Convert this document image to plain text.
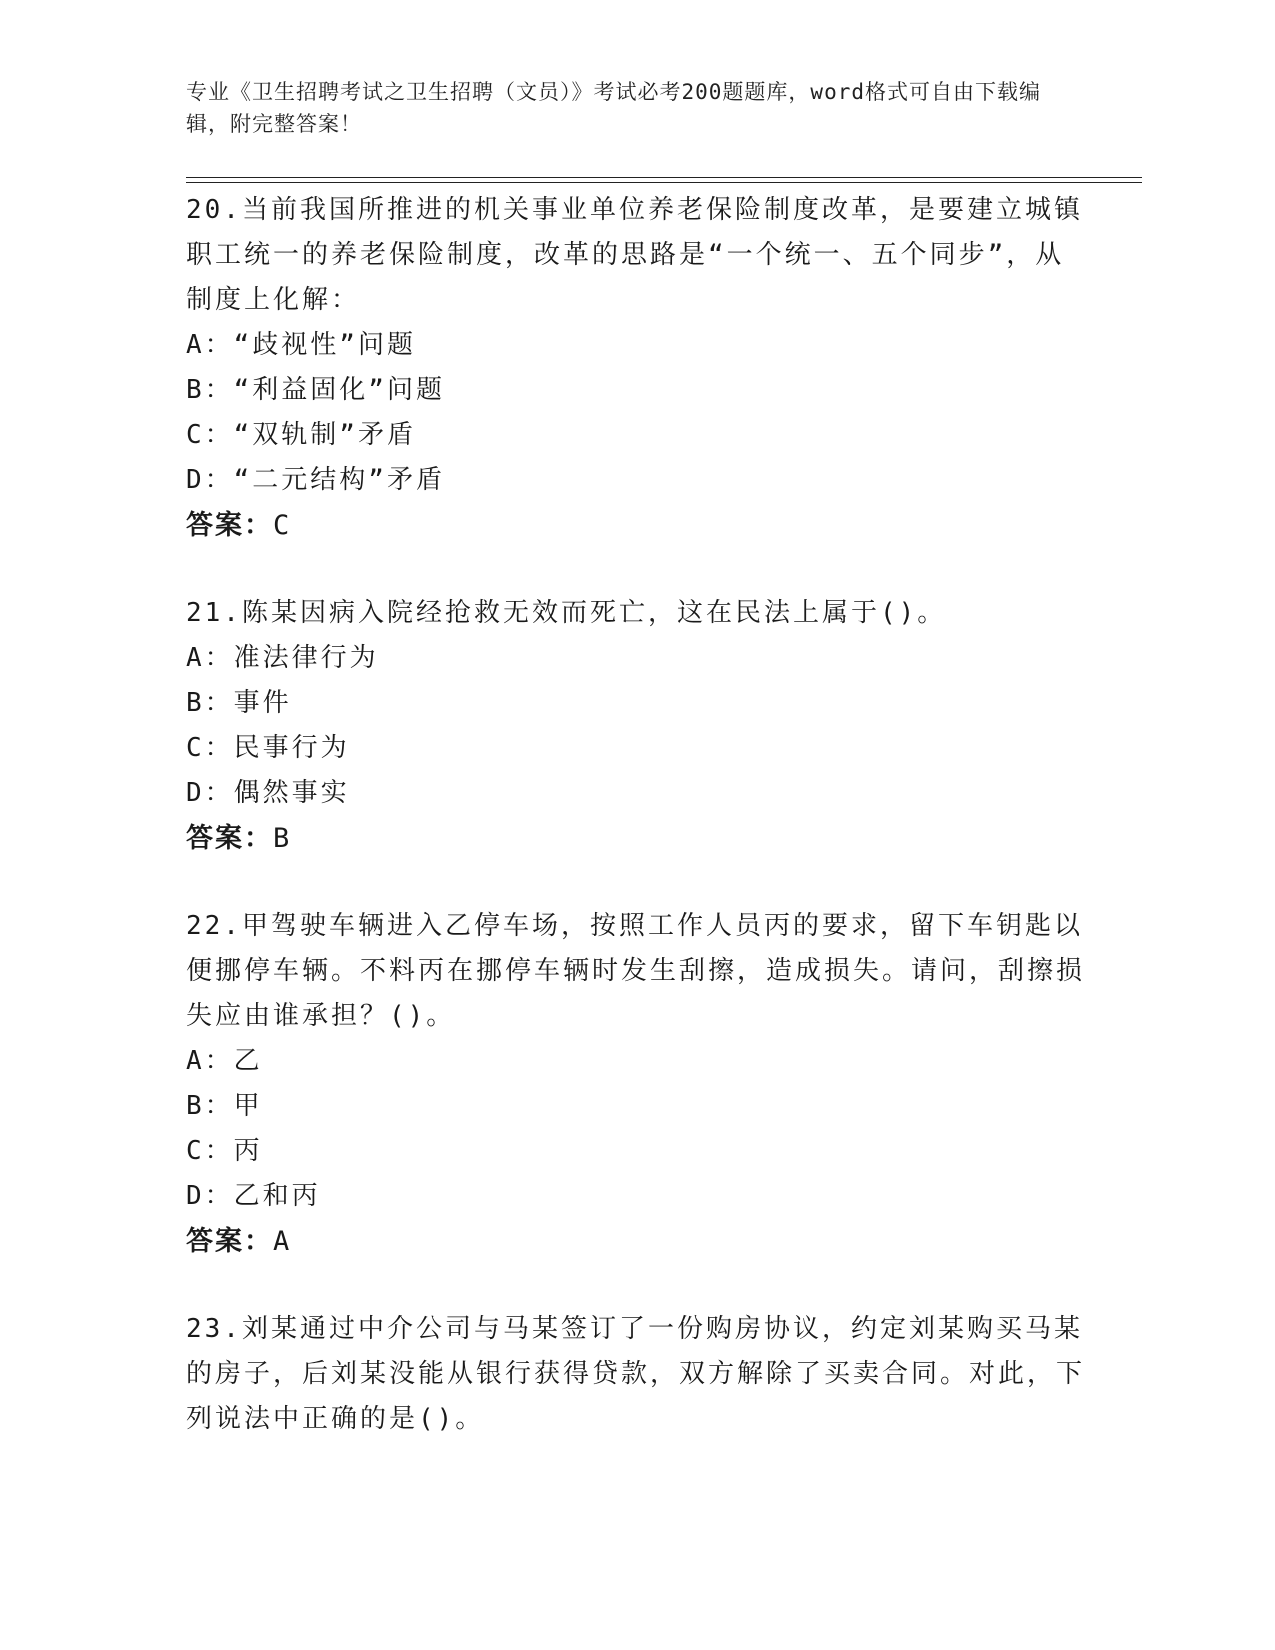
专业《卫生招聘考试之卫生招聘（文员）》考试必考200题题库，word格式可自由下载编辑，附完整答案！

20.当前我国所推进的机关事业单位养老保险制度改革，是要建立城镇职工统一的养老保险制度，改革的思路是“一个统一、五个同步”，从制度上化解：

A：“歧视性”问题

B：“利益固化”问题

C：“双轨制”矛盾

D：“二元结构”矛盾

答案：C

21.陈某因病入院经抢救无效而死亡，这在民法上属于()。

A：准法律行为

B：事件

C：民事行为

D：偶然事实

答案：B

22.甲驾驶车辆进入乙停车场，按照工作人员丙的要求，留下车钥匙以便挪停车辆。不料丙在挪停车辆时发生刮擦，造成损失。请问，刮擦损失应由谁承担？()。

A：乙

B：甲

C：丙

D：乙和丙

答案：A

23.刘某通过中介公司与马某签订了一份购房协议，约定刘某购买马某的房子，后刘某没能从银行获得贷款，双方解除了买卖合同。对此，下列说法中正确的是()。
